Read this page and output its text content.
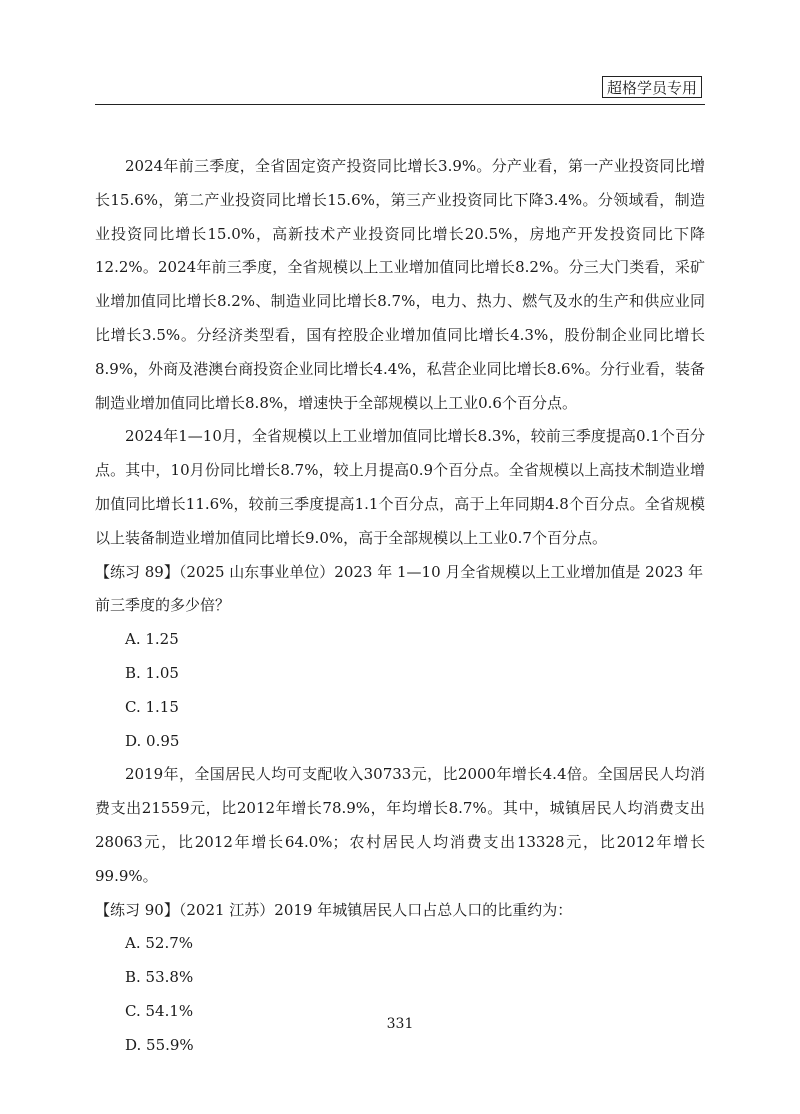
超格学员专用

2024年前三季度，全省固定资产投资同比增长3.9%。分产业看，第一产业投资同比增长15.6%，第二产业投资同比增长15.6%，第三产业投资同比下降3.4%。分领域看，制造业投资同比增长15.0%，高新技术产业投资同比增长20.5%，房地产开发投资同比下降12.2%。2024年前三季度，全省规模以上工业增加值同比增长8.2%。分三大门类看，采矿业增加值同比增长8.2%、制造业同比增长8.7%，电力、热力、燃气及水的生产和供应业同比增长3.5%。分经济类型看，国有控股企业增加值同比增长4.3%，股份制企业同比增长8.9%，外商及港澳台商投资企业同比增长4.4%，私营企业同比增长8.6%。分行业看，装备制造业增加值同比增长8.8%，增速快于全部规模以上工业0.6个百分点。

2024年1—10月，全省规模以上工业增加值同比增长8.3%，较前三季度提高0.1个百分点。其中，10月份同比增长8.7%，较上月提高0.9个百分点。全省规模以上高技术制造业增加值同比增长11.6%，较前三季度提高1.1个百分点，高于上年同期4.8个百分点。全省规模以上装备制造业增加值同比增长9.0%，高于全部规模以上工业0.7个百分点。

【练习 89】（2025 山东事业单位）2023 年 1—10 月全省规模以上工业增加值是 2023 年前三季度的多少倍？

A. 1.25

B. 1.05

C. 1.15

D. 0.95

2019年，全国居民人均可支配收入30733元，比2000年增长4.4倍。全国居民人均消费支出21559元，比2012年增长78.9%，年均增长8.7%。其中，城镇居民人均消费支出28063元，比2012年增长64.0%；农村居民人均消费支出13328元，比2012年增长99.9%。

【练习 90】（2021 江苏）2019 年城镇居民人口占总人口的比重约为：

A. 52.7%

B. 53.8%

C. 54.1%

D. 55.9%

331
